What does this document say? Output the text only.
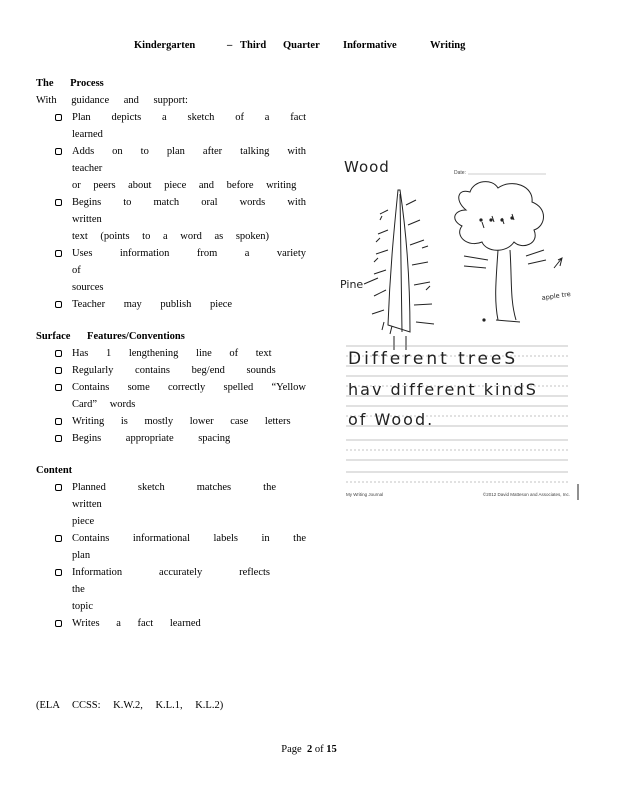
Kindergarten	– Third Quarter Informative	Writing
The Process
With guidance and support:
Plan depicts a sketch of a fact learned
Adds on to plan after talking with teacher
or peers about piece and before writing
Begins to match oral words with written
text (points to a word as spoken)
Uses information from a variety of
sources
Teacher may publish piece
Surface Features/Conventions
Has 1 lengthening line of text
Regularly contains beg/end sounds
Contains some correctly spelled “Yellow
Card” words
Writing is mostly lower case letters
Begins appropriate spacing
Content
Planned sketch matches the written
piece
Contains informational labels in the plan
Information accurately reflects the
topic
Writes a fact learned
Wood	Date:
Pine
apple tre
Different treeS
hav different kindS
of Wood.
My Writing Journal	©2012 David Matteson and Associates, Inc.
(ELA CCSS: K.W.2, K.L.1, K.L.2)
Page 2 of 15
